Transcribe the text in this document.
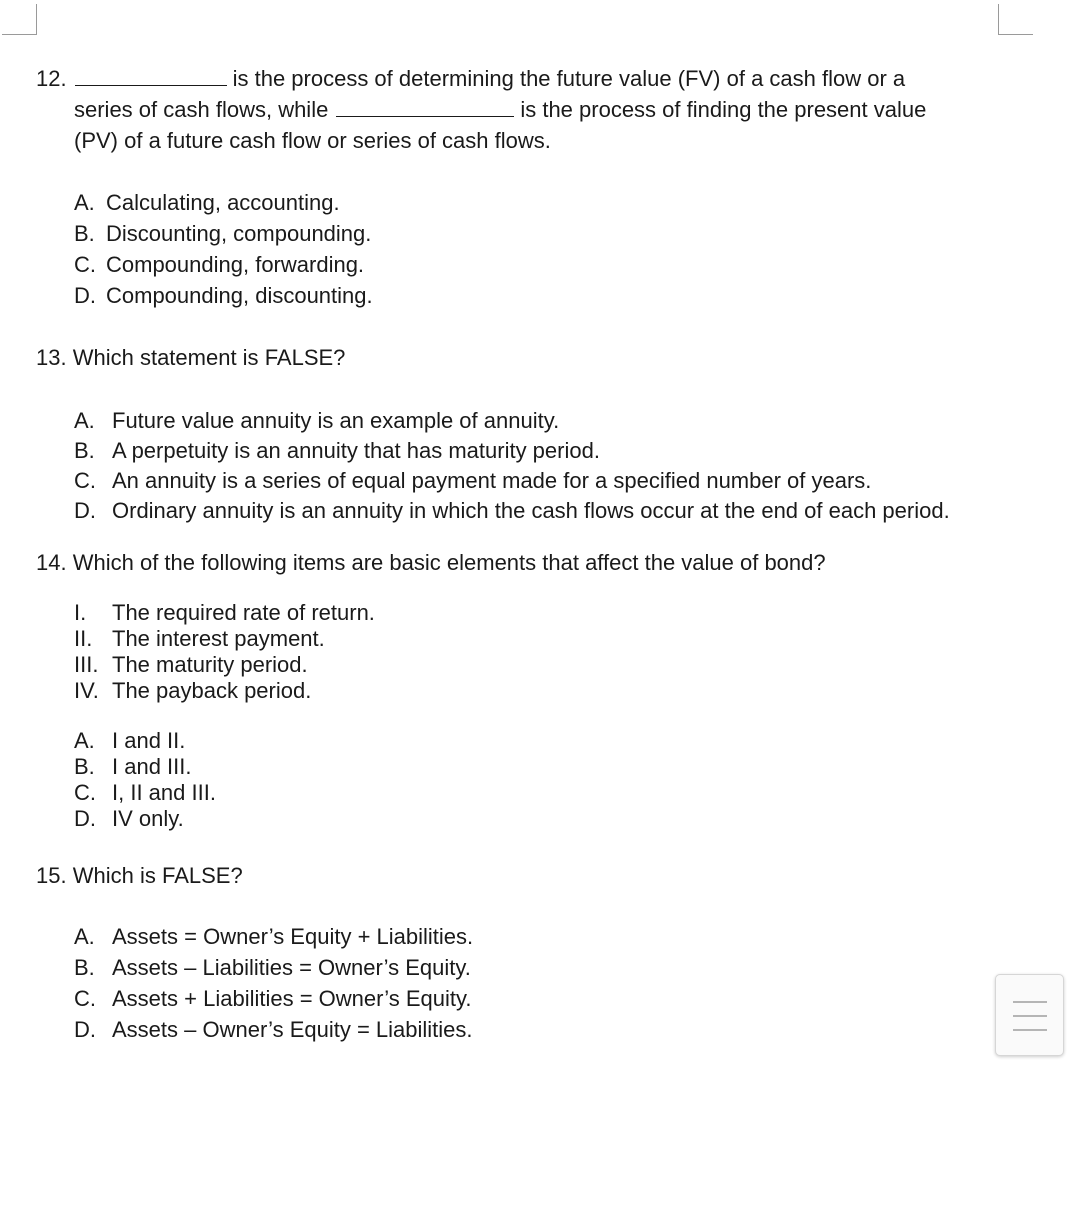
12.	is the process of determining the future value (FV) of a cash flow or a
series of cash flows, while	is the process of finding the present value
(PV) of a future cash flow or series of cash flows.
A. Calculating, accounting.
B. Discounting, compounding.
C. Compounding, forwarding.
D. Compounding, discounting.
13. Which statement is FALSE?
A. Future value annuity is an example of annuity.
B. A perpetuity is an annuity that has maturity period.
C. An annuity is a series of equal payment made for a specified number of years.
D. Ordinary annuity is an annuity in which the cash flows occur at the end of each period.
14. Which of the following items are basic elements that affect the value of bond?
I. The required rate of return.
II. The interest payment.
III. The maturity period.
IV. The payback period.
A. I and II.
B. I and III.
C. I, II and III.
D. IV only.
15. Which is FALSE?
A. Assets = Owner’s Equity + Liabilities.
B. Assets – Liabilities = Owner’s Equity.
C. Assets + Liabilities = Owner’s Equity.
D. Assets – Owner’s Equity = Liabilities.
